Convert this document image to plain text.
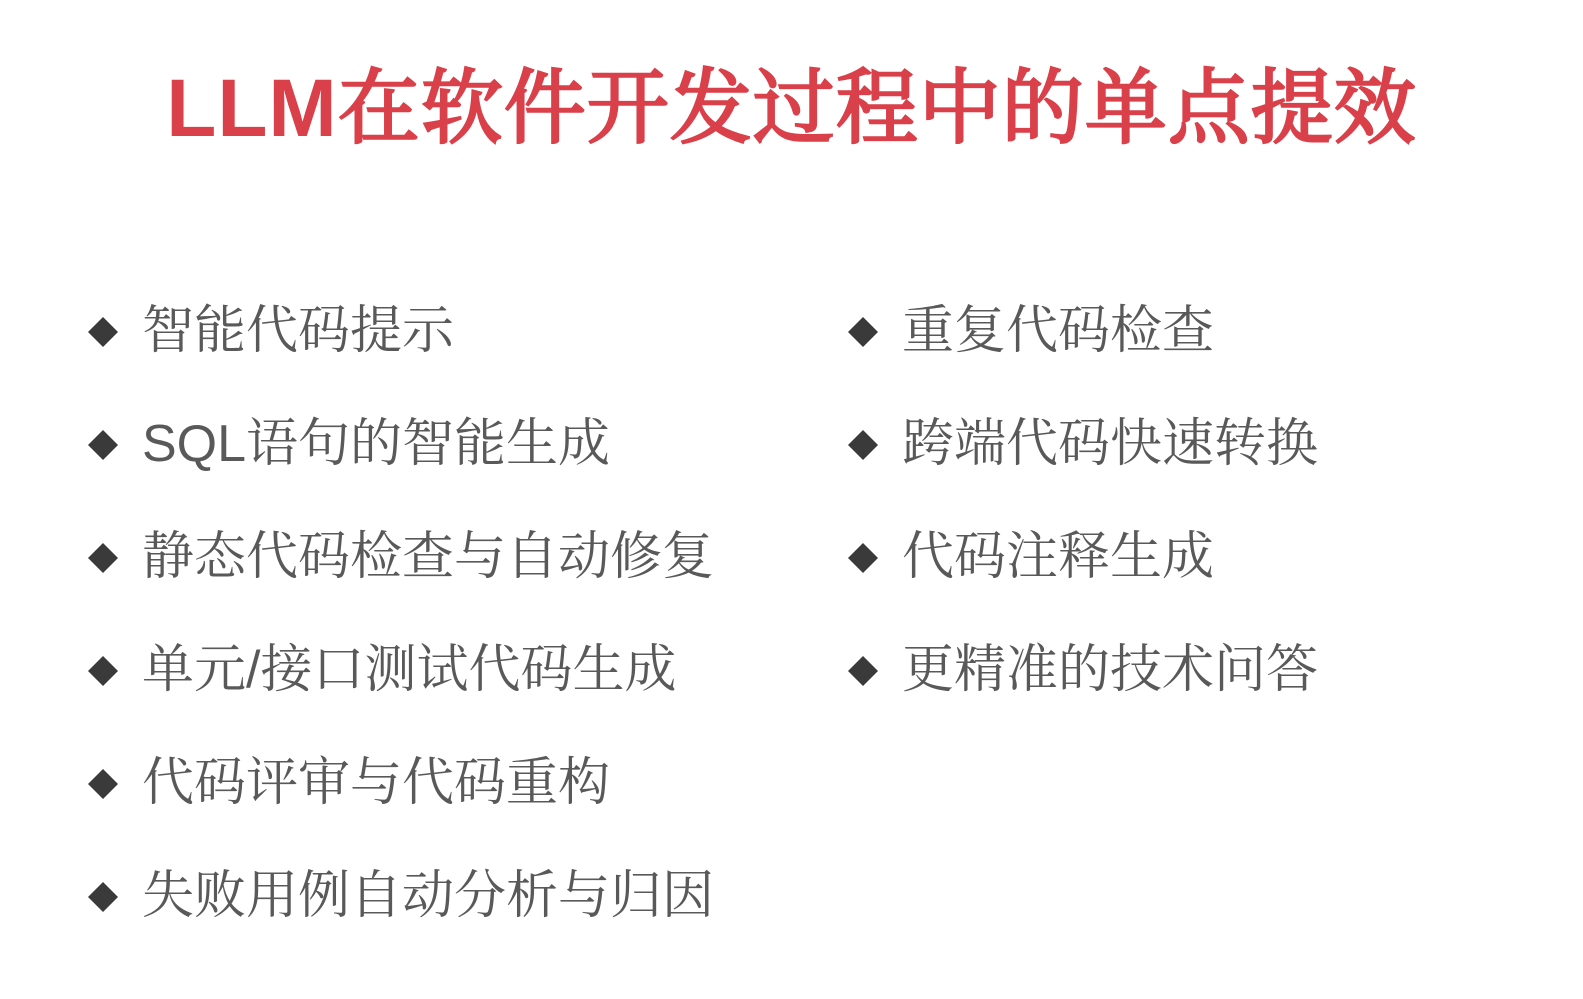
LLM在软件开发过程中的单点提效
智能代码提示
SQL语句的智能生成
静态代码检查与自动修复
单元/接口测试代码生成
代码评审与代码重构
失败用例自动分析与归因
重复代码检查
跨端代码快速转换
代码注释生成
更精准的技术问答
